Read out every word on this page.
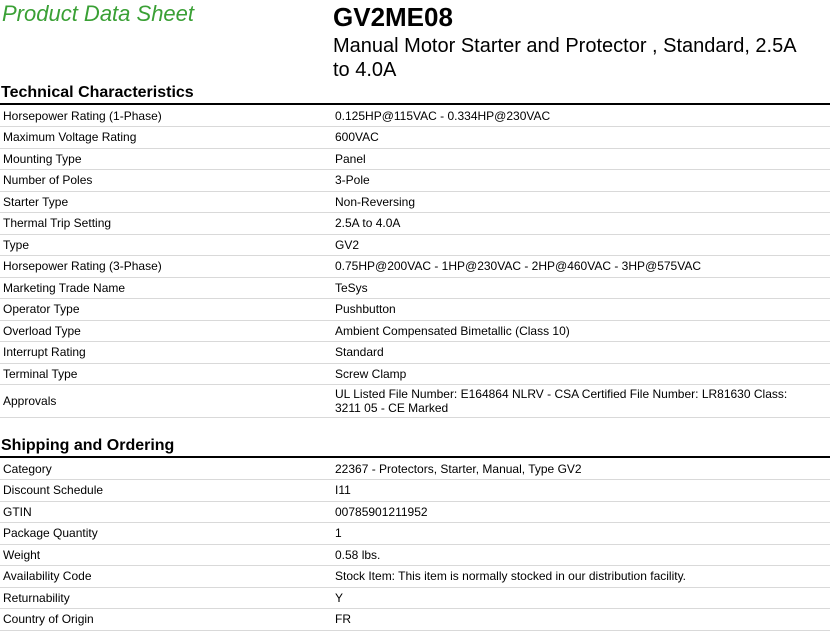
Product Data Sheet	GV2ME08
Manual Motor Starter and Protector , Standard, 2.5A to 4.0A
Technical Characteristics
Horsepower Rating (1-Phase)	0.125HP@115VAC - 0.334HP@230VAC
Maximum Voltage Rating	600VAC
Mounting Type	Panel
Number of Poles	3-Pole
Starter Type	Non-Reversing
Thermal Trip Setting	2.5A to 4.0A
Type	GV2
Horsepower Rating (3-Phase)	0.75HP@200VAC - 1HP@230VAC - 2HP@460VAC - 3HP@575VAC
Marketing Trade Name	TeSys
Operator Type	Pushbutton
Overload Type	Ambient Compensated Bimetallic (Class 10)
Interrupt Rating	Standard
Terminal Type	Screw Clamp
Approvals	UL Listed File Number: E164864 NLRV - CSA Certified File Number: LR81630 Class: 3211 05 - CE Marked
Shipping and Ordering
Category	22367 - Protectors, Starter, Manual, Type GV2
Discount Schedule	I11
GTIN	00785901211952
Package Quantity	1
Weight	0.58 lbs.
Availability Code	Stock Item: This item is normally stocked in our distribution facility.
Returnability	Y
Country of Origin	FR
